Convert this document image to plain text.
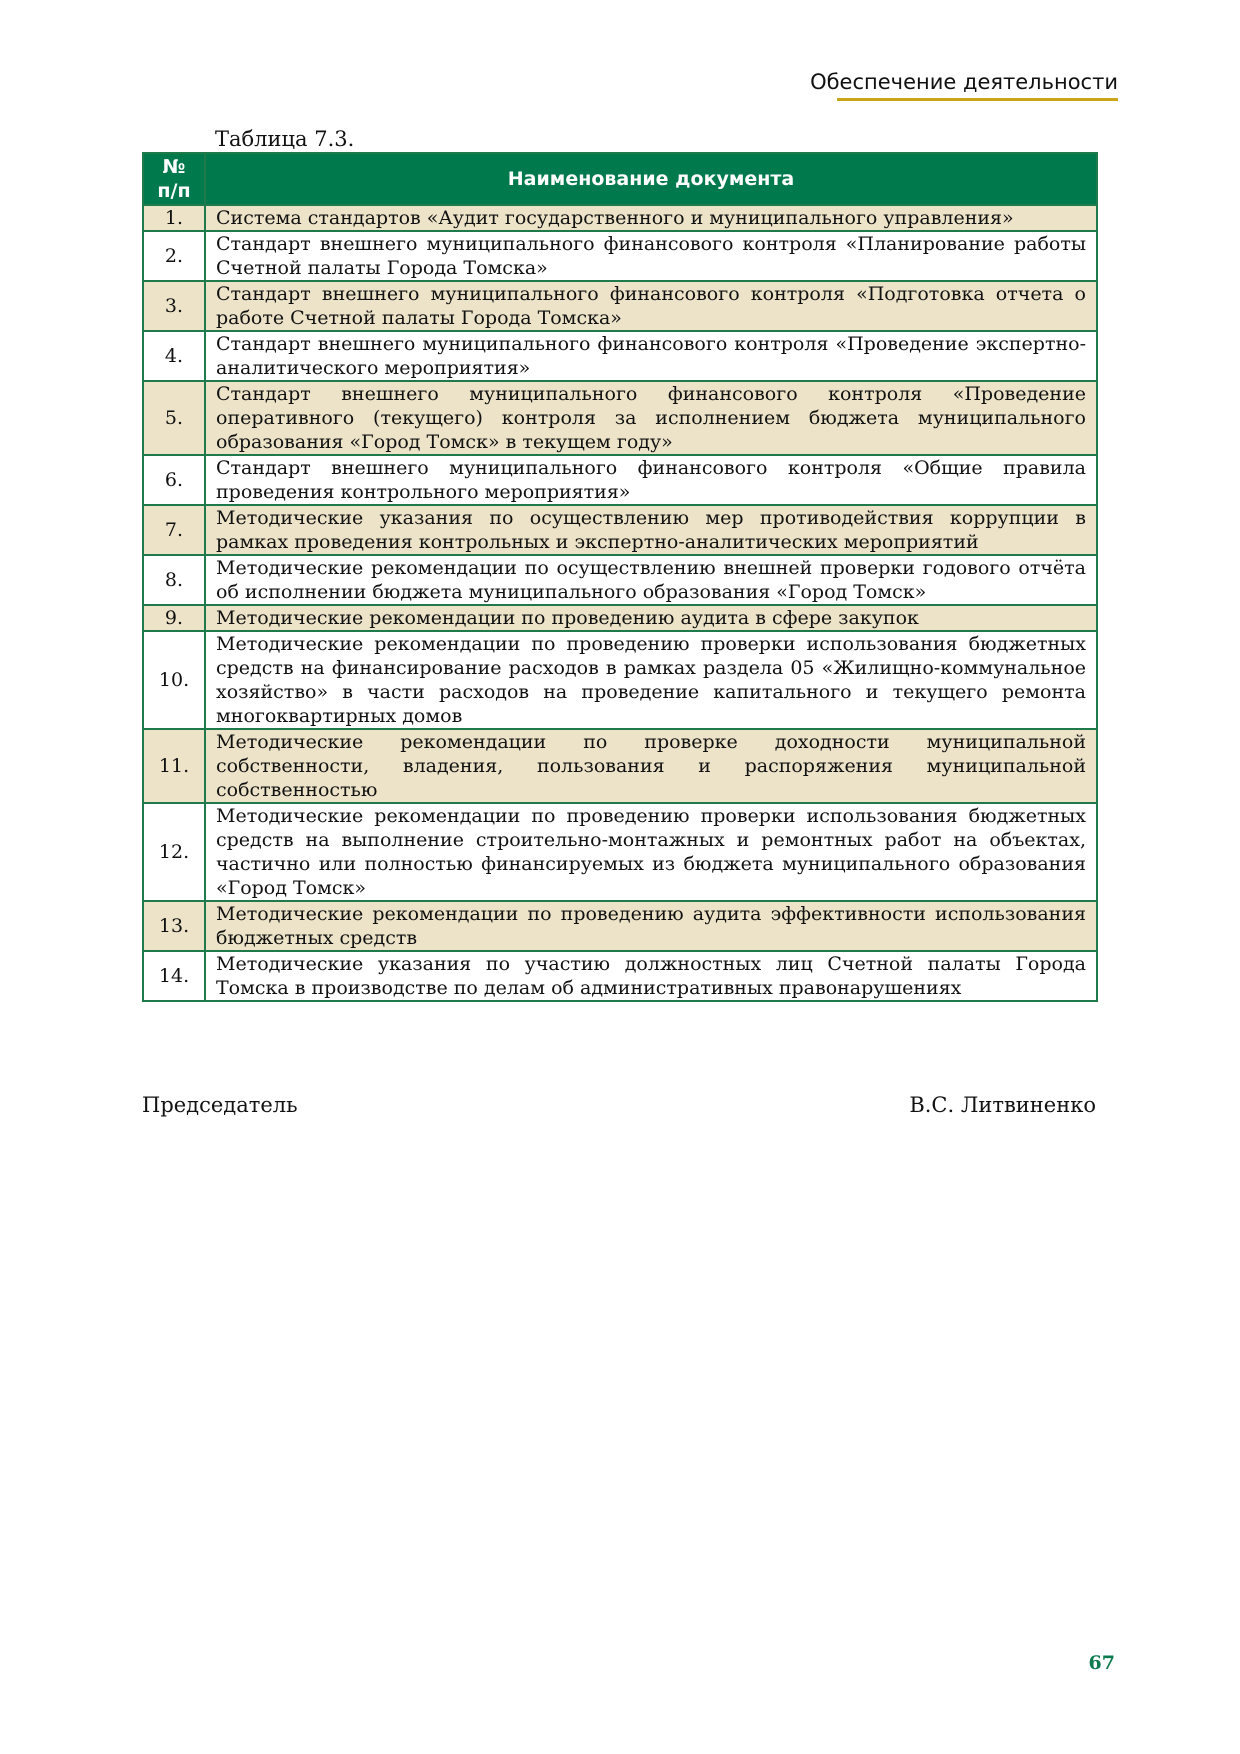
Обеспечение деятельности
Таблица 7.3.
№ п/п	Наименование документа
1.	Система стандартов «Аудит государственного и муниципального управления»
2.	Стандарт внешнего муниципального финансового контроля «Планирование работы Счетной палаты Города Томска»
3.	Стандарт внешнего муниципального финансового контроля «Подготовка отчета о работе Счетной палаты Города Томска»
4.	Стандарт внешнего муниципального финансового контроля «Проведение экспертно-аналитического мероприятия»
5.	Стандарт внешнего муниципального финансового контроля «Проведение оперативного (текущего) контроля за исполнением бюджета муниципального образования «Город Томск» в текущем году»
6.	Стандарт внешнего муниципального финансового контроля «Общие правила проведения контрольного мероприятия»
7.	Методические указания по осуществлению мер противодействия коррупции в рамках проведения контрольных и экспертно-аналитических мероприятий
8.	Методические рекомендации по осуществлению внешней проверки годового отчёта об исполнении бюджета муниципального образования «Город Томск»
9.	Методические рекомендации по проведению аудита в сфере закупок
10.	Методические рекомендации по проведению проверки использования бюджетных средств на финансирование расходов в рамках раздела 05 «Жилищно-коммунальное хозяйство» в части расходов на проведение капитального и текущего ремонта многоквартирных домов
11.	Методические рекомендации по проверке доходности муниципальной собственности, владения, пользования и распоряжения муниципальной собственностью
12.	Методические рекомендации по проведению проверки использования бюджетных средств на выполнение строительно-монтажных и ремонтных работ на объектах, частично или полностью финансируемых из бюджета муниципального образования «Город Томск»
13.	Методические рекомендации по проведению аудита эффективности использования бюджетных средств
14.	Методические указания по участию должностных лиц Счетной палаты Города Томска в производстве по делам об административных правонарушениях
Председатель	В.С. Литвиненко
67
